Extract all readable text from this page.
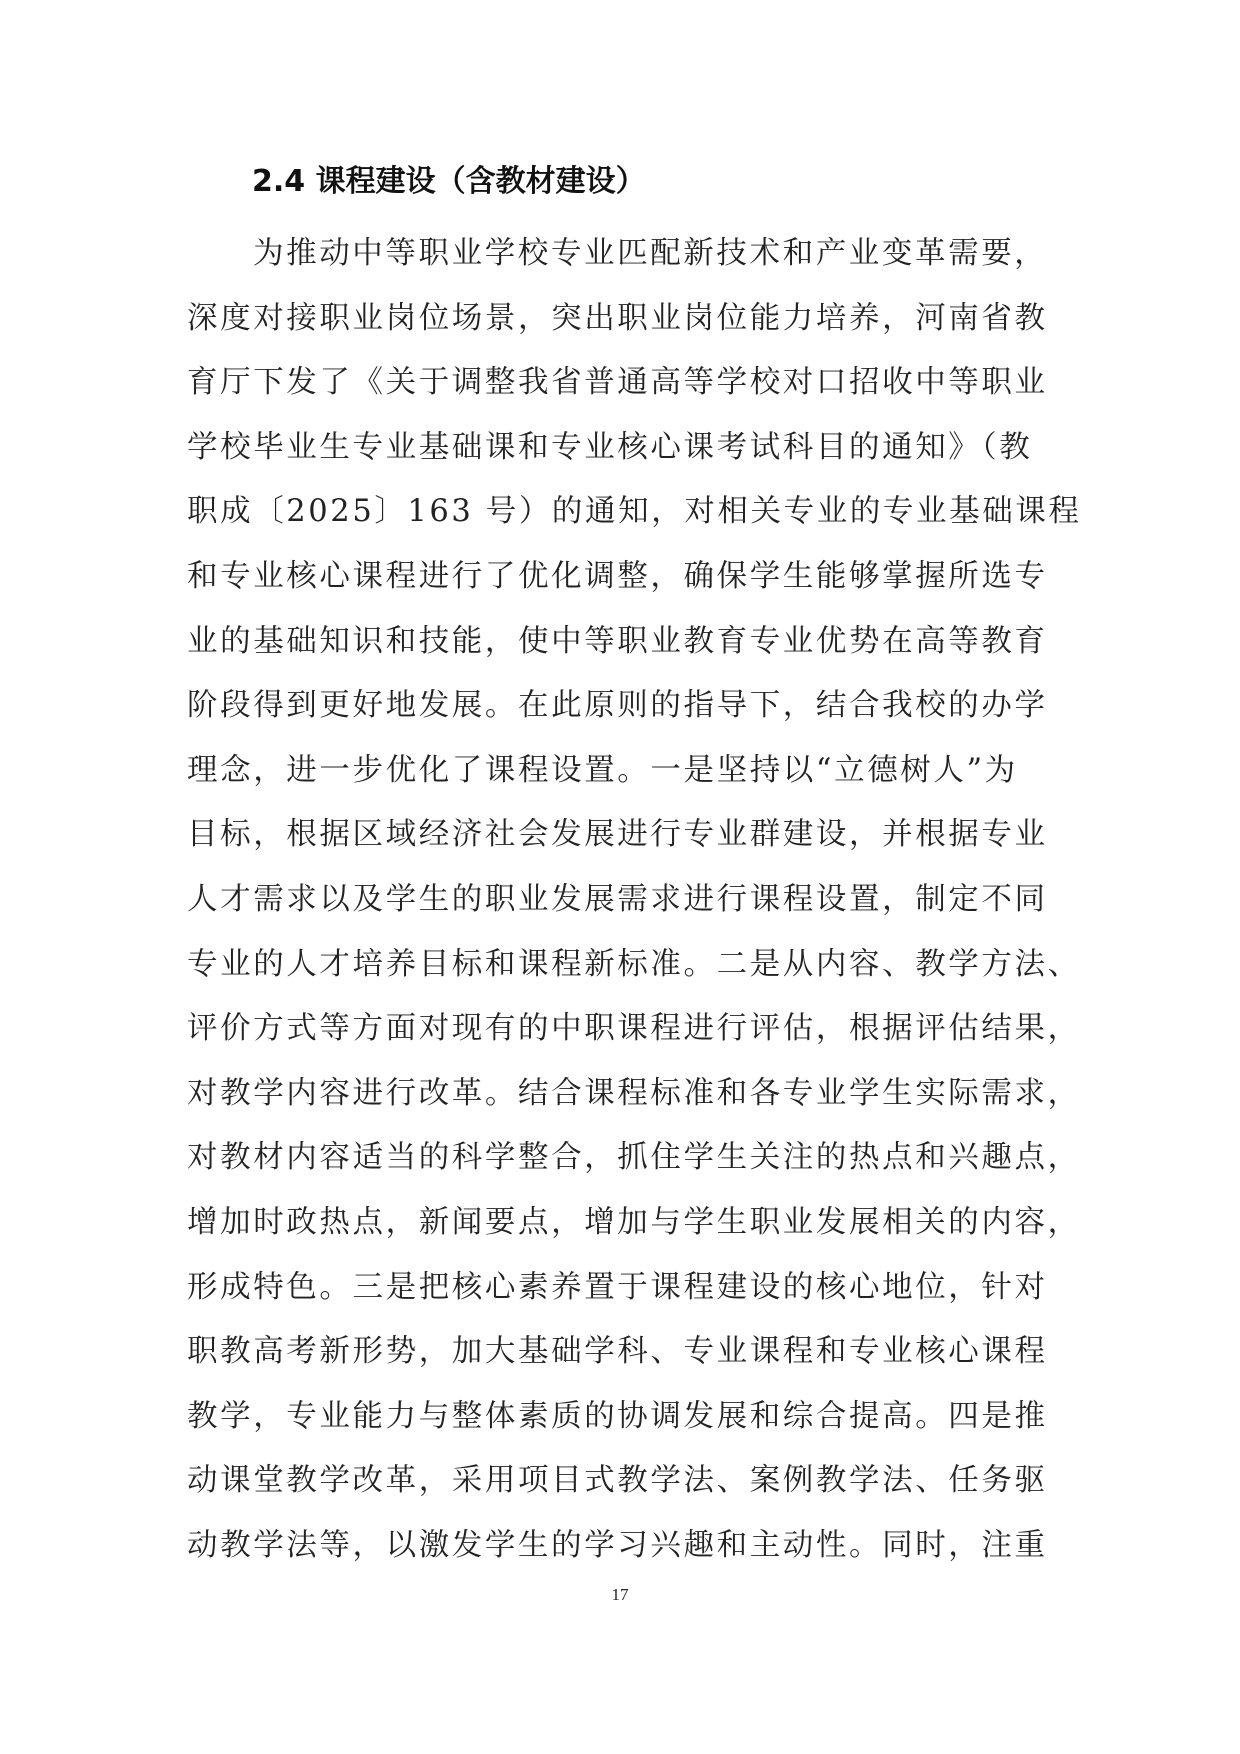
2.4 课程建设（含教材建设）
为推动中等职业学校专业匹配新技术和产业变革需要，
深度对接职业岗位场景，突出职业岗位能力培养，河南省教
育厅下发了《关于调整我省普通高等学校对口招收中等职业
学校毕业生专业基础课和专业核心课考试科目的通知》（教
职成〔2025〕163 号）的通知，对相关专业的专业基础课程
和专业核心课程进行了优化调整，确保学生能够掌握所选专
业的基础知识和技能，使中等职业教育专业优势在高等教育
阶段得到更好地发展。在此原则的指导下，结合我校的办学
理念，进一步优化了课程设置。一是坚持以“立德树人”为
目标，根据区域经济社会发展进行专业群建设，并根据专业
人才需求以及学生的职业发展需求进行课程设置，制定不同
专业的人才培养目标和课程新标准。二是从内容、教学方法、
评价方式等方面对现有的中职课程进行评估，根据评估结果，
对教学内容进行改革。结合课程标准和各专业学生实际需求，
对教材内容适当的科学整合，抓住学生关注的热点和兴趣点，
增加时政热点，新闻要点，增加与学生职业发展相关的内容，
形成特色。三是把核心素养置于课程建设的核心地位，针对
职教高考新形势，加大基础学科、专业课程和专业核心课程
教学，专业能力与整体素质的协调发展和综合提高。四是推
动课堂教学改革，采用项目式教学法、案例教学法、任务驱
动教学法等，以激发学生的学习兴趣和主动性。同时，注重
17
